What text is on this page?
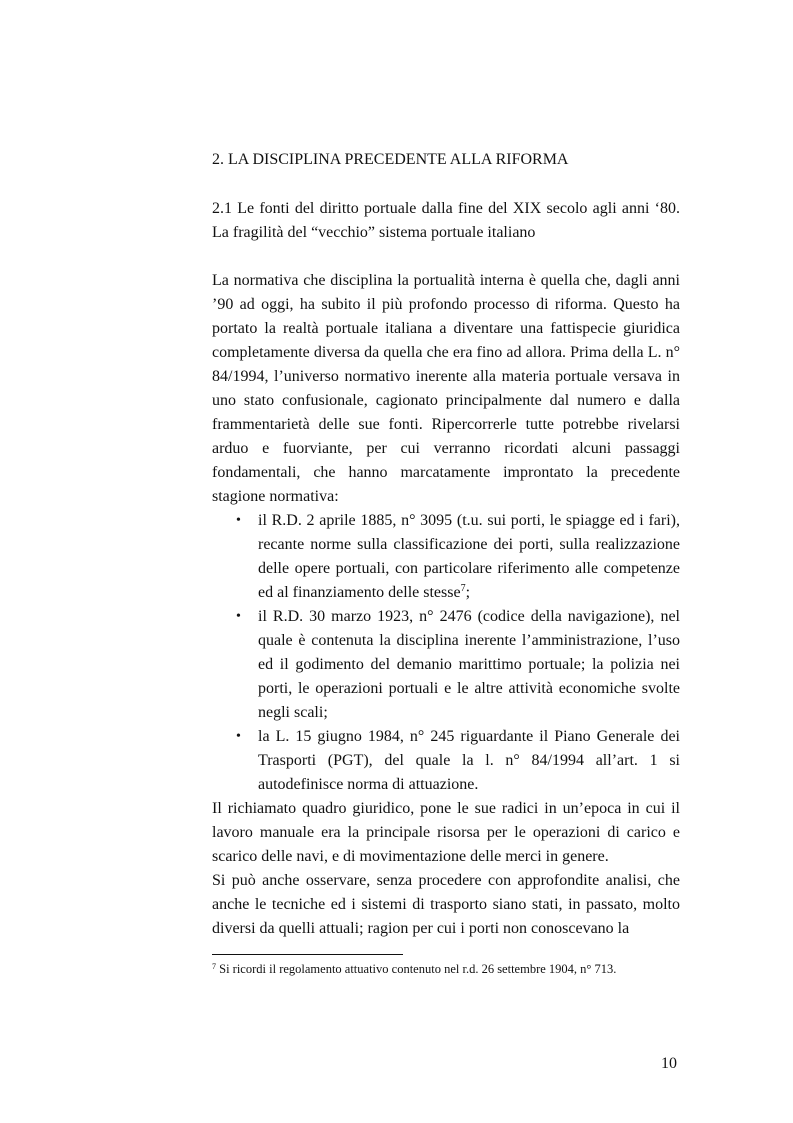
2. LA DISCIPLINA PRECEDENTE ALLA RIFORMA
2.1 Le fonti del diritto portuale dalla fine del XIX secolo agli anni ‘80.
La fragilità del “vecchio” sistema portuale italiano

La normativa che disciplina la portualità interna è quella che, dagli anni ’90 ad oggi, ha subito il più profondo processo di riforma. Questo ha portato la realtà portuale italiana a diventare una fattispecie giuridica completamente diversa da quella che era fino ad allora. Prima della L. n° 84/1994, l’universo normativo inerente alla materia portuale versava in uno stato confusionale, cagionato principalmente dal numero e dalla frammentarietà delle sue fonti. Ripercorrerle tutte potrebbe rivelarsi arduo e fuorviante, per cui verranno ricordati alcuni passaggi fondamentali, che hanno marcatamente improntato la precedente stagione normativa:

• il R.D. 2 aprile 1885, n° 3095 (t.u. sui porti, le spiagge ed i fari), recante norme sulla classificazione dei porti, sulla realizzazione delle opere portuali, con particolare riferimento alle competenze ed al finanziamento delle stesse$^7$;
• il R.D. 30 marzo 1923, n° 2476 (codice della navigazione), nel quale è contenuta la disciplina inerente l’amministrazione, l’uso ed il godimento del demanio marittimo portuale; la polizia nei porti, le operazioni portuali e le altre attività economiche svolte negli scali;
• la L. 15 giugno 1984, n° 245 riguardante il Piano Generale dei Trasporti (PGT), del quale la l. n° 84/1994 all’art. 1 si autodefinisce norma di attuazione.

Il richiamato quadro giuridico, pone le sue radici in un’epoca in cui il lavoro manuale era la principale risorsa per le operazioni di carico e scarico delle navi, e di movimentazione delle merci in genere.

Si può anche osservare, senza procedere con approfondite analisi, che anche le tecniche ed i sistemi di trasporto siano stati, in passato, molto diversi da quelli attuali; ragion per cui i porti non conoscevano la

$^7$ Si ricordi il regolamento attuativo contenuto nel r.d. 26 settembre 1904, n° 713.
10
